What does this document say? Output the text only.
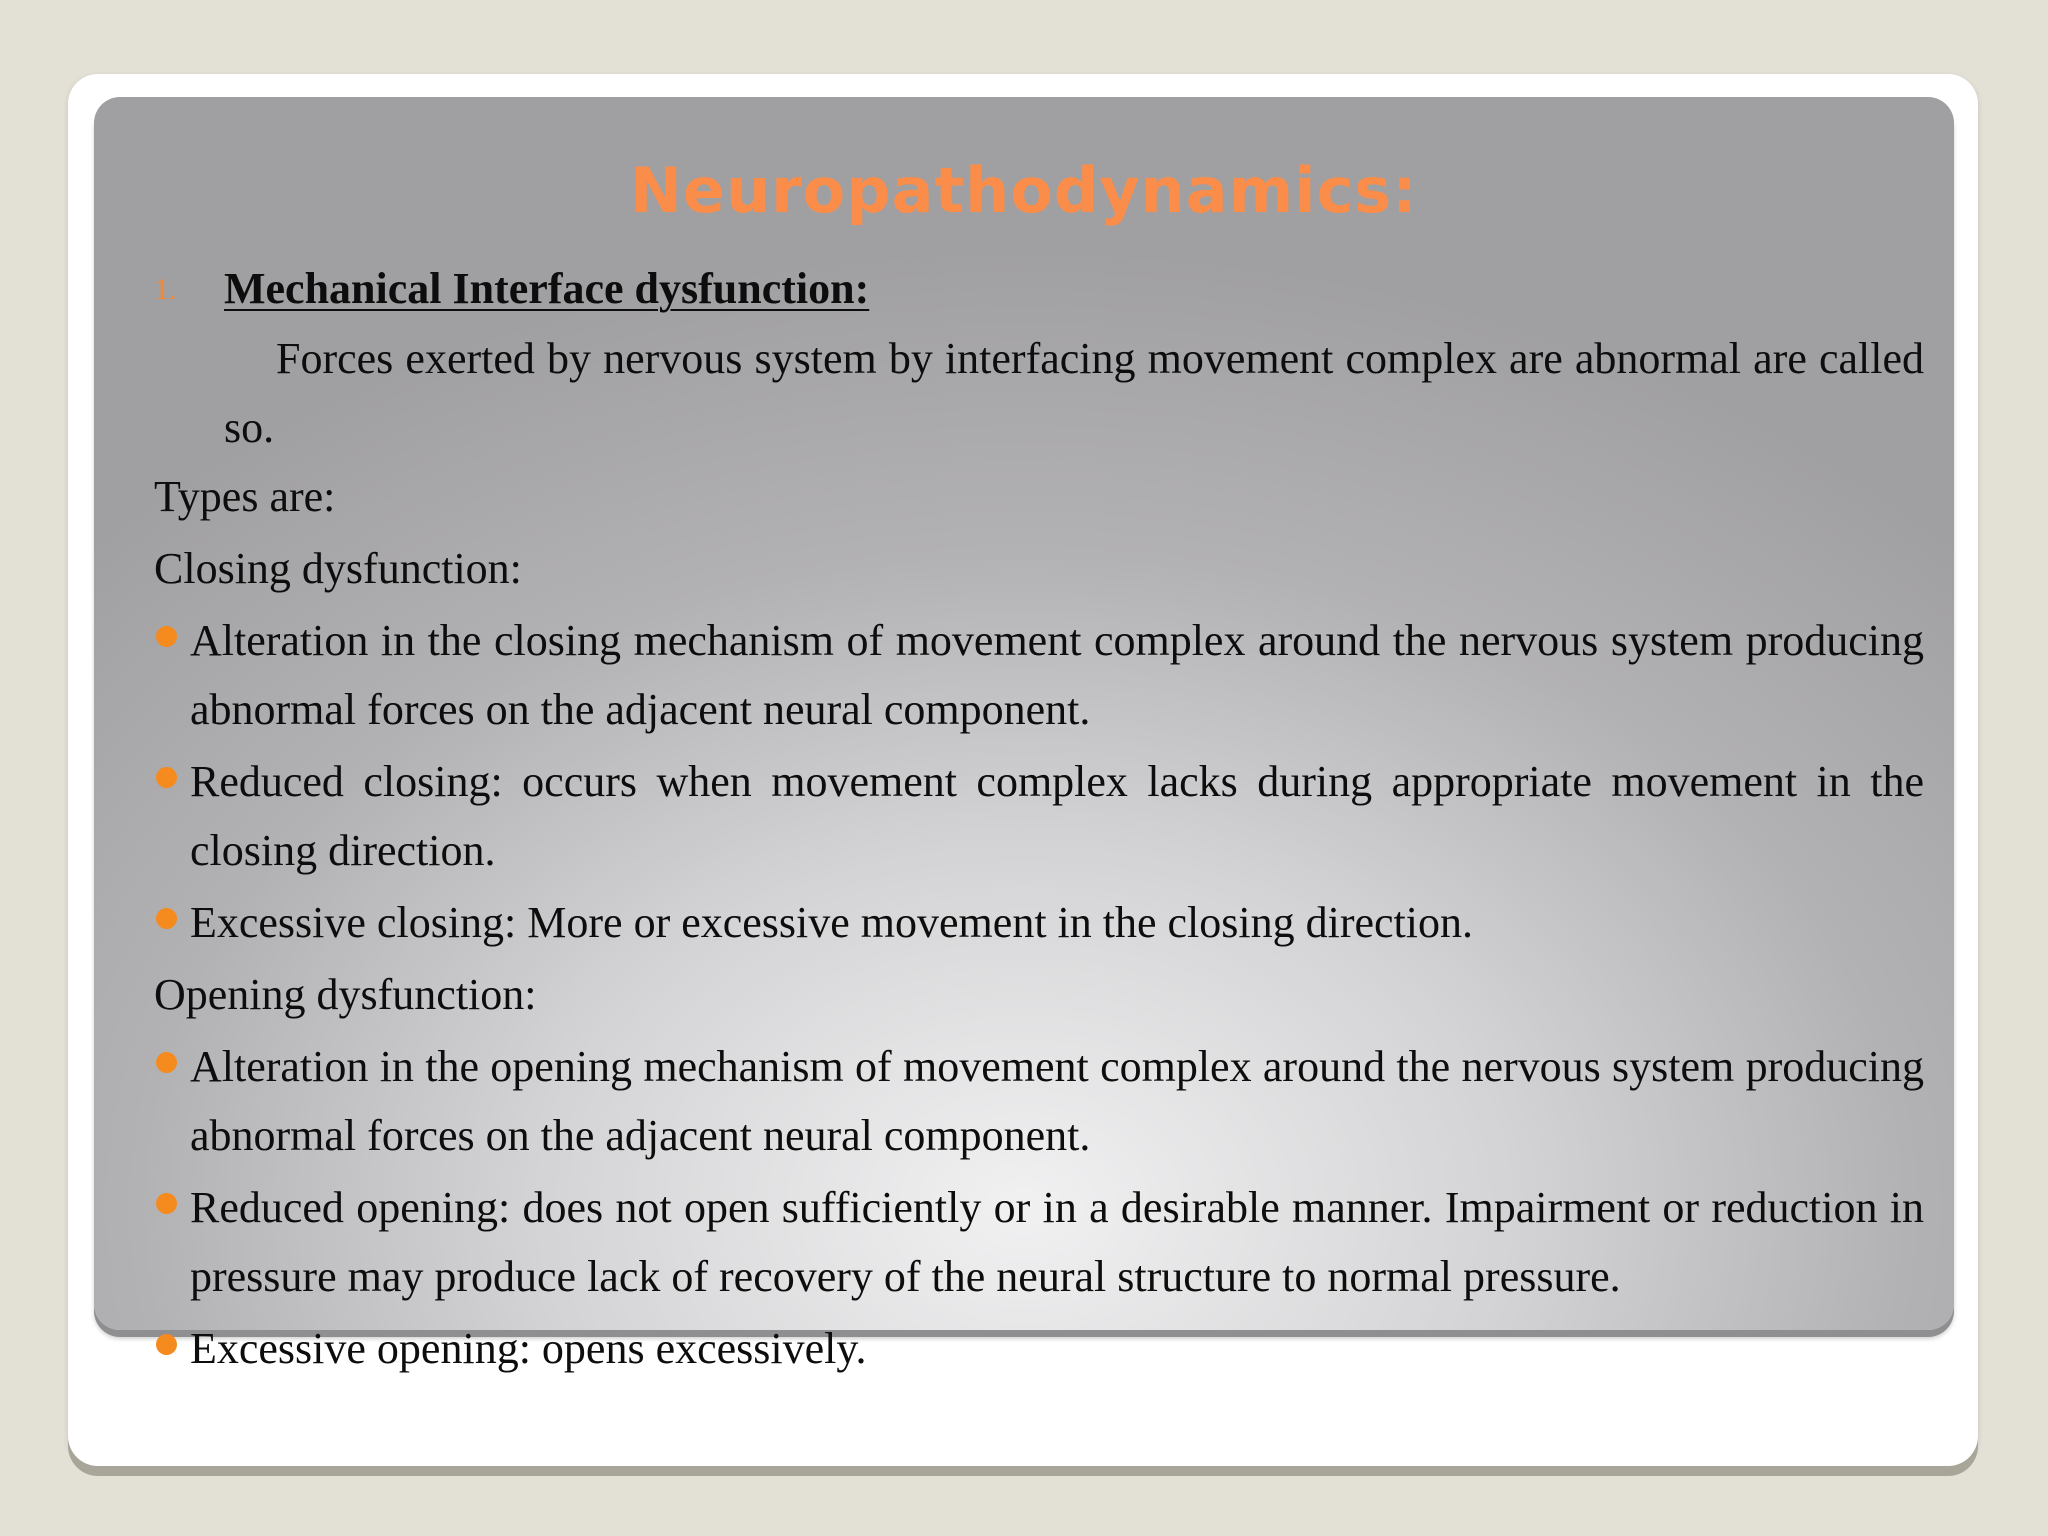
Neuropathodynamics:
1. Mechanical Interface dysfunction:

Forces exerted by nervous system by interfacing movement complex are abnormal are called so.

Types are:

Closing dysfunction:

Alteration in the closing mechanism of movement complex around the nervous system producing abnormal forces on the adjacent neural component.

Reduced closing: occurs when movement complex lacks during appropriate movement in the closing direction.

Excessive closing: More or excessive movement in the closing direction.

Opening dysfunction:

Alteration in the opening mechanism of movement complex around the nervous system producing abnormal forces on the adjacent neural component.

Reduced opening: does not open sufficiently or in a desirable manner. Impairment or reduction in pressure may produce lack of recovery of the neural structure to normal pressure.

Excessive opening: opens excessively.
